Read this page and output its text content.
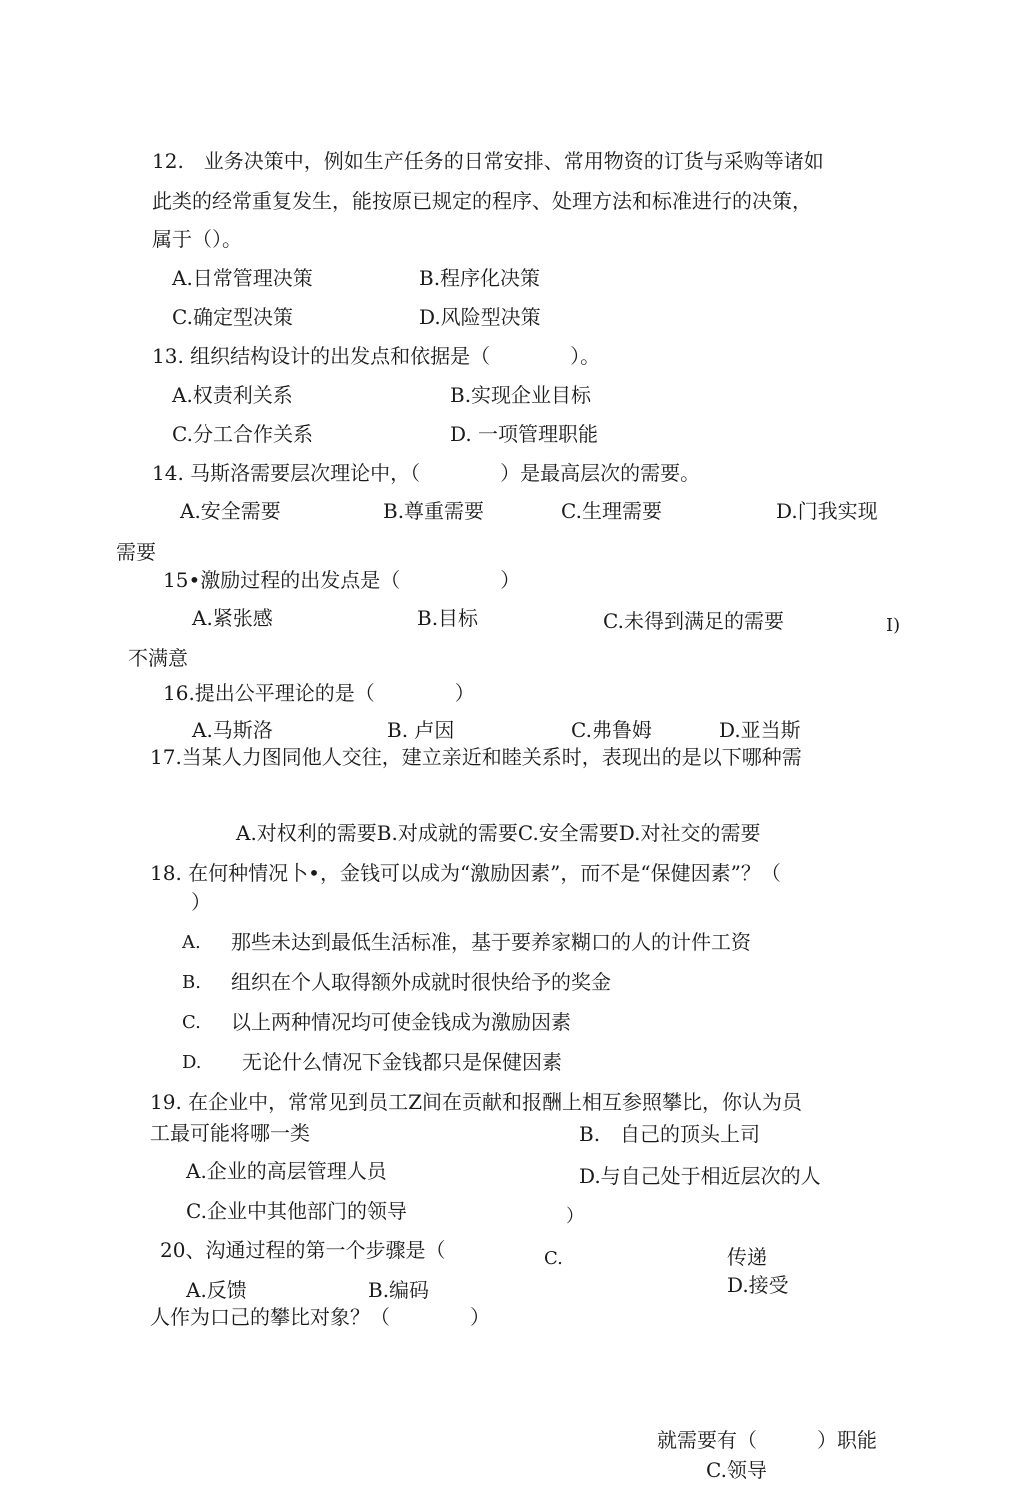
12.　业务决策中，例如生产任务的日常安排、常用物资的订货与采购等诸如
此类的经常重复发生，能按原已规定的程序、处理方法和标准进行的决策，
属于（）。
A.日常管理决策	B.程序化决策
C.确定型决策	D.风险型决策
13. 组织结构设计的出发点和依据是（　　　　）。
A.权责利关系	B.实现企业目标
C.分工合作关系	D. 一项管理职能
14. 马斯洛需要层次理论中，（　　　　）是最高层次的需要。
A.安全需要	B.尊重需要	C.生理需要	D.门我实现
需要
15•激励过程的出发点是（　　　　　）
A.紧张感	B.目标	C.未得到满足的需要	I)
不满意
16.提出公平理论的是（　　　　）
A.马斯洛	B. 卢因	C.弗鲁姆	D.亚当斯
17.当某人力图同他人交往，建立亲近和睦关系时，表现出的是以下哪种需
A.对权利的需要B.对成就的需要C.安全需要D.对社交的需要
18. 在何种情况卜•，金钱可以成为“激励因素”，而不是“保健因素”？（
）
A. 那些未达到最低生活标准，基于要养家糊口的人的计件工资
B. 组织在个人取得额外成就时很快给予的奖金
C. 以上两种情况均可使金钱成为激励因素
D. 无论什么情况下金钱都只是保健因素
19. 在企业中，常常见到员工Z间在贡献和报酬上相互参照攀比，你认为员
工最可能将哪一类	B.　自己的顶头上司
A.企业的高层管理人员	D.与自己处于相近层次的人
C.企业中其他部门的领导	）
20、沟通过程的第一个步骤是（	C.	传递
A.反馈	B.编码	D.接受
人作为口己的攀比对象？（　　　　）
就需要有（　　　）职能
C.领导
